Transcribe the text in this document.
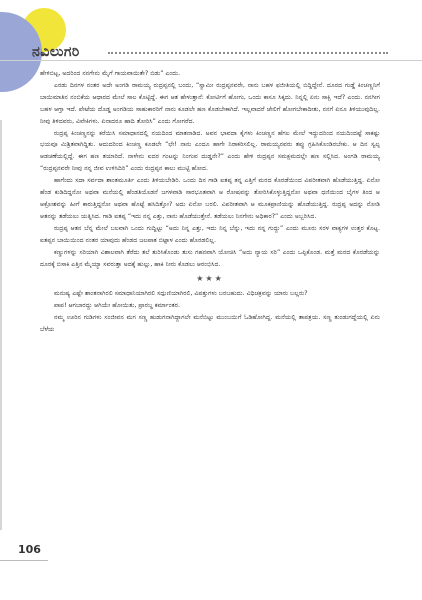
ನವಿಲುಗರಿ

ಹೇಳಿಬಿಟ್ಟ, ಅದರಿಂದ ನನಗೇನು ಮೈಗೆ ಗಾಯವಾಯಿತೇ? ಬಿಡು” ಎಂದು.

ಎರಡು ದಿನಗಳ ನಂತರ ಅದೇ ಅಂಗಡಿ ರಾಮಯ್ಯ ರುದ್ರಪ್ಪನಲ್ಲಿ ಬಂದು, “ಸ್ವಾಮೀ ರುದ್ರಪ್ಪನವರೇ, ನಾನು ಬಹಳ ಫಜೀತಿಯಲ್ಲಿ ಬಿದ್ದಿದ್ದೇನೆ. ದೂರದ ಗುಡ್ಡೆ ಕಿಂಚಣ್ಣನಿಗೆ ಬಾಯಿಮಾತಿನ ನಂಬಿಕೆಯ ಆಧಾರದ ಮೇಲೆ ಸಾಲ ಕೊಟ್ಟಿದ್ದೆ. ಈಗ ಆತ ಹೇಳುತ್ತಾನೆ: ಕೋರ್ಟಿಗೆ ಹೋಗು, ಒಂದು ಕಾಸೂ ಸಿಕ್ಕದು. ನಿನ್ನಲ್ಲಿ ಏನು ಸಾಕ್ಷಿ ಇದೆ? ಎಂದು. ನನಗೀಗ ಬಹಳ ಆಗ್ತಾ ಇದೆ. ಪೇಟೆಯ ದೊಡ್ಡ ಅಂಗಡಿಯ ಸಾಹುಕಾರರಿಗೆ ನಾನು ಕೂಡಲೇ ಹಣ ಕೊಡಬೇಕಾಗಿದೆ. ಇಲ್ಲವಾದರೆ ಜೇಲಿಗೆ ಹೋಗಬೇಕಾದೀತು, ನನಗೆ ಏನೂ ತಿಳಿಯುವುದಿಲ್ಲ. ನೀವು ತಿಳಿದವರು, ವಿವೇಕಿಗಳು. ಏನಾದರೂ ಹಾದಿ ತೋರಿಸಿ” ಎಂದು ಗೋಗರೆದ.

ರುದ್ರಪ್ಪ ಕಿಂಚಣ್ಣನನ್ನು ಕರೆಯಿಸಿ ಸಮಾಧಾನದಲ್ಲಿ ನಯದಿಂದ ಮಾತನಾಡಿದ. ಅವನ ಭಾವದಾ ಕೈಗಳು ಕಿಂಚಣ್ಣನ ಹೆಗಲ ಮೇಲೆ ಇದ್ದುದರಿಂದ ನಯದಿಂದಷ್ಟೆ ಸಾಕಷ್ಟು ಭಯವೂ ಮಿಶ್ರಿತವಾಗಿದ್ದಿತು. ಆದುದರಿಂದ ಕಿಂಚಣ್ಣ ಕೂಡಲೇ “ಛೇ! ನಾನು ಎಂದೂ ಹಾಗೇ ನಿರಾಕರಿಸಲಿಲ್ಲ. ರಾಮಯ್ಯನವರು ತಪ್ಪು ಗ್ರಹಿಸಿಕೊಂಡಿರಬೇಕು. ಆ ದಿನ ಸ್ವಲ್ಪ ಆಡಚಣೆಯಲ್ಲಿದ್ದೆ. ಈಗ ಹಣ ತಯಾರಿದೆ. ನಾಳೇನು ಐದರ ಗಂಟನ್ನು ನಿಂಗುವ ದುಡ್ಡನೇ?” ಎಂದು ಹೇಳಿ ರುದ್ರಪ್ಪನ ಸಮಕ್ಷಮದಲ್ಲೇ ಹಣ ಸಲ್ಲಿಸಿದ. ಅಂಗಡಿ ರಾಮಯ್ಯ “ರುದ್ರಪ್ಪನವರೇ ನೀವು ನನ್ನ ಜೀವ ಉಳಿಸಿದಿರಿ” ಎಂದು ರುದ್ರಪ್ಪನ ಕಾಲು ಮುಟ್ಟಿ ಹೋದ.

ಹಾಗೆಂದು ಸದಾ ಸರ್ವದಾ ಶಾಂತಮೂರ್ತಿ ಎಂದು ತಿಳಿಯಬೇಡಿರಿ. ಒಂದು ದಿನ ಗಾಡಿ ಐತಪ್ಪ ತನ್ನ ಎತ್ತಿಗೆ ಮರದ ಕೊರಡೆಯಿಂದ ವಿಪರೀತವಾಗಿ ಹೊಡೆಯುತ್ತಿದ್ದ. ಏನೋ ಹೆಂಡ ಕುಡಿದಿದ್ದನೋ ಅಥವಾ ಮನೆಯಲ್ಲಿ ಹೆಂಡತಿಯೊಡನೆ ಜಗಳವಾಡಿ ಸಾರಭೂತವಾಗಿ ಆ ರೋಷವನ್ನು ತೋರಿಸಿಕೊಳ್ಳುತ್ತಿದ್ದನೋ ಅಥವಾ ಧಣಿಯಿಂದ ಬೈಗಳ ತಿಂದ ಆ ಆಕ್ರೋಶವನ್ನು ಹೀಗೆ ಕಾರುತ್ತಿದ್ದನೋ ಅಥವಾ ಹೊಟ್ಟೆ ಹಸಿದಿತ್ತೋ? ಅದು ಏನೋ ಬರಲಿ. ವಿಪರೀತವಾಗಿ ಆ ಮೂಕಪ್ರಾಣಿಯನ್ನು ಹೊಡೆಯುತ್ತಿದ್ದ. ರುದ್ರಪ್ಪ ಅದನ್ನು ನೋಡಿ ಆತನನ್ನು ತಡೆಯಲು ಯತ್ನಿಸಿದ. ಗಾಡಿ ಐತಪ್ಪ “ಇದು ನನ್ನ ಎತ್ತು, ನಾನು ಹೊಡೆಯುತ್ತೇನೆ. ತಡೆಯಲು ನಿನಗೇನು ಅಧಿಕಾರ?” ಎಂದು ಅಬ್ಬರಿಸಿದ.

ರುದ್ರಪ್ಪ ಆತನ ಬೆನ್ನ ಮೇಲೆ ಬಲವಾಗಿ ಒಂದು ಗುದ್ದಿಟ್ಟು “ಅದು ನಿನ್ನ ಎತ್ತು, ಇದು ನಿನ್ನ ಬೆನ್ನು, ಇದು ನನ್ನ ಗುದ್ದು” ಎಂದು ಮೂರು ಸರಳ ವಾಕ್ಯಗಳ ಉತ್ತರ ಕೊಟ್ಟ. ಐತಪ್ಪನ ಬಾಯಿಯಿಂದ ನಂತರ ಯಾವುದು ಹೆಂಡದ ಜಲಪಾತ ಬಿಟ್ಟಾಳ ಎಂದು ಹೊರಡಲಿಲ್ಲ.

ಕಣ್ಣುಗಳನ್ನು ಸರಿಯಾಗಿ ವಿಶಾಲವಾಗಿ ತೆರೆದು ತಲೆ ತುರಿಸಿಕೊಂಡು ತುಸು ಗಹನವಾಗಿ ಯೋಚಿಸಿ “ಅದು ನ್ಯಾಯ ಸರಿ” ಎಂದು ಒಪ್ಪಿಕೊಂಡ. ಮತ್ತೆ ಮರದ ಕೊರಡೆಯನ್ನು ದೂರಕ್ಕೆ ಬಿಸಾಕಿ ಎತ್ತಿನ ಮೈಯ್ಯಾ ಸವರುತ್ತಾ ಅದಕ್ಕೆ ಹುಲ್ಲು, ಹಾಕಿ ನೀರು ಕೊಡಲು ಆರಂಭಿಸಿದ.

★★★

ಮನುಷ್ಯ ಎಷ್ಟೇ ಶಾಂತನಾಗಿರಲಿ ಸಮಾಧಾನಿಯಾಗಿರಲಿ ಸದ್ಗುಣಿಯಾಗಿರಲಿ, ವಿಪತ್ತುಗಳು ಬರಬಹುದು. ವಿಧಿಚಕ್ರವನ್ನು ಯಾರು ಬಲ್ಲರು?

ಪಾಪ! ಆಗಬಾರದ್ದು ಆಗಿಯೇ ಹೋಯಿತು, ಪ್ರಾರಬ್ಧ ಕರ್ಮಾಂತರ.

ನಮ್ಮ ಊರಿನ ಗುಡಿಗಳು ಸಂಜೀವನ ಮಗ ಸಣ್ಣ ಹುಡುಗನಾಗಿದ್ದಾಗಲೇ ಮನೆಬಿಟ್ಟು ಮುಂಬಯಿಗೆ ಓಡಿಹೋಗಿದ್ದ. ಮನೆಯಲ್ಲಿ ತಾಪತ್ರಯ. ಸಣ್ಣ ತುಂಡುಗದ್ದೆಯಲ್ಲಿ ಏನು ಬೆಳೆಯ

106
